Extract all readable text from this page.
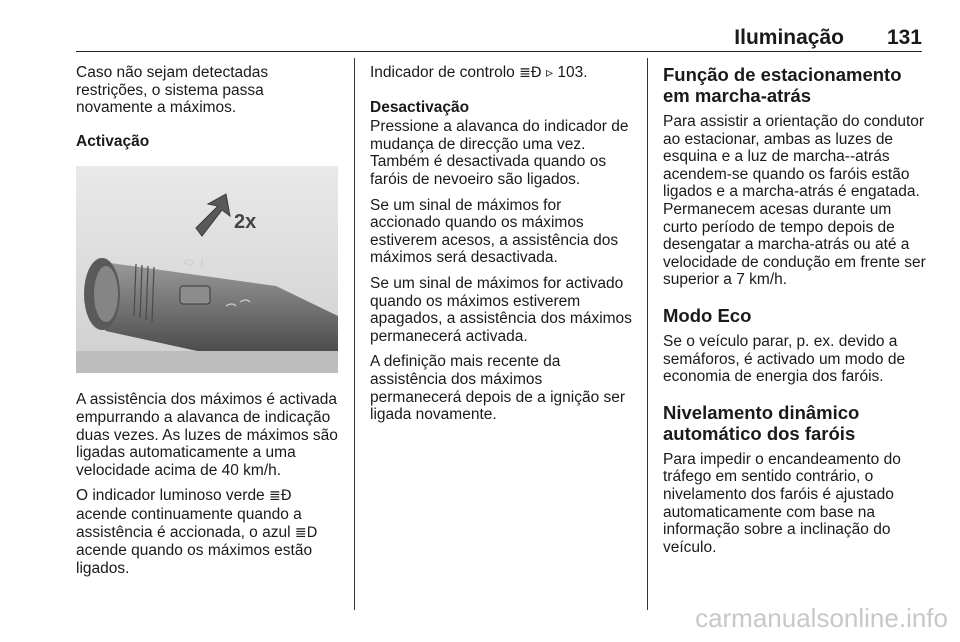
Iluminação 131

Caso não sejam detectadas restrições, o sistema passa novamente a máximos.

Activação

2x

A assistência dos máximos é activada empurrando a alavanca de indicação duas vezes. As luzes de máximos são ligadas automaticamente a uma velocidade acima de 40 km/h.

O indicador luminoso verde ≣Ð acende continuamente quando a assistência é accionada, o azul ≣D acende quando os máximos estão ligados.

Indicador de controlo ≣Ð ▹ 103.

Desactivação

Pressione a alavanca do indicador de mudança de direcção uma vez. Também é desactivada quando os faróis de nevoeiro são ligados.

Se um sinal de máximos for accionado quando os máximos estiverem acesos, a assistência dos máximos será desactivada.

Se um sinal de máximos for activado quando os máximos estiverem apagados, a assistência dos máximos permanecerá activada.

A definição mais recente da assistência dos máximos permanecerá depois de a ignição ser ligada novamente.

Função de estacionamento em marcha-atrás

Para assistir a orientação do condutor ao estacionar, ambas as luzes de esquina e a luz de marcha--atrás acendem-se quando os faróis estão ligados e a marcha-atrás é engatada. Permanecem acesas durante um curto período de tempo depois de desengatar a marcha-atrás ou até a velocidade de condução em frente ser superior a 7 km/h.

Modo Eco

Se o veículo parar, p. ex. devido a semáforos, é activado um modo de economia de energia dos faróis.

Nivelamento dinâmico automático dos faróis

Para impedir o encandeamento do tráfego em sentido contrário, o nivelamento dos faróis é ajustado automaticamente com base na informação sobre a inclinação do veículo.

carmanualsonline.info
